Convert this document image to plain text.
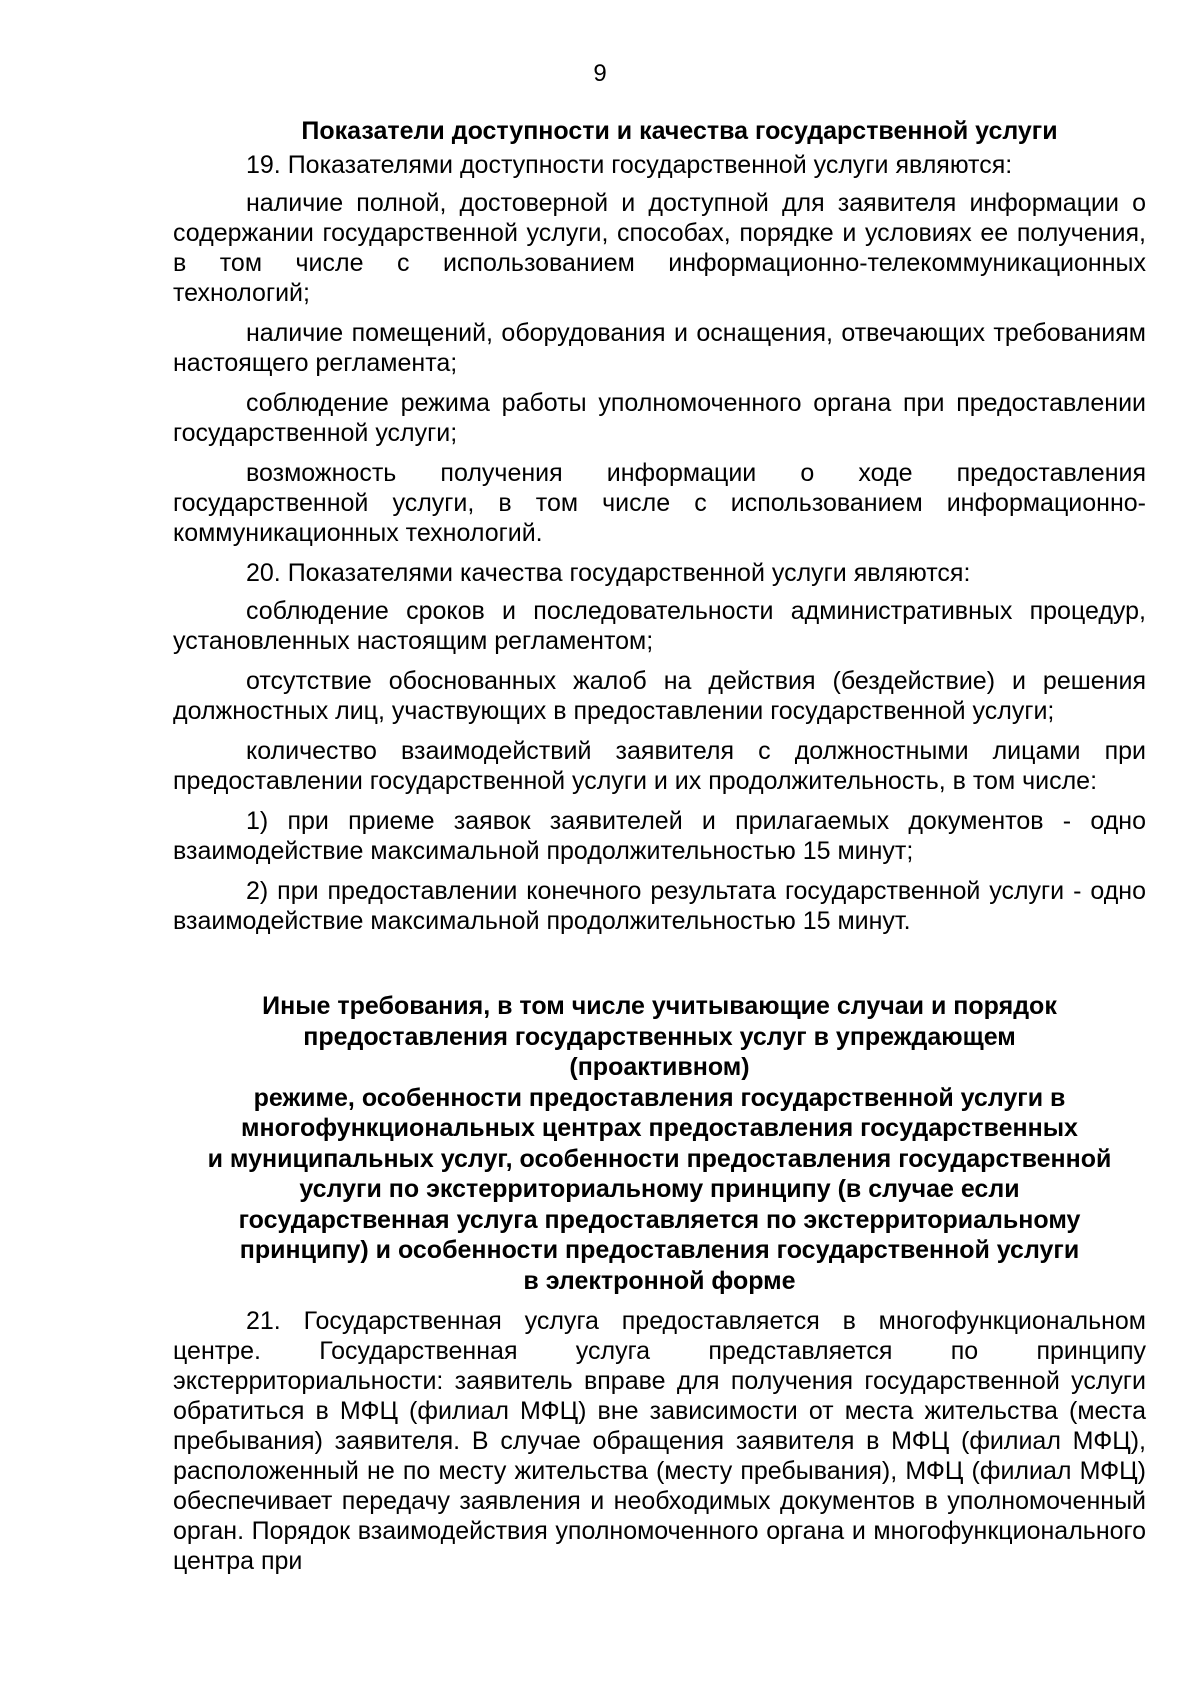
9
Показатели доступности и качества государственной услуги
19. Показателями доступности государственной услуги являются:
наличие полной, достоверной и доступной для заявителя информации о содержании государственной услуги, способах, порядке и условиях ее получения, в том числе с использованием информационно-телекоммуникационных технологий;
наличие помещений, оборудования и оснащения, отвечающих требованиям настоящего регламента;
соблюдение режима работы уполномоченного органа при предоставлении государственной услуги;
возможность получения информации о ходе предоставления государственной услуги, в том числе с использованием информационно-коммуникационных технологий.
20. Показателями качества государственной услуги являются:
соблюдение сроков и последовательности административных процедур, установленных настоящим регламентом;
отсутствие обоснованных жалоб на действия (бездействие) и решения должностных лиц, участвующих в предоставлении государственной услуги;
количество взаимодействий заявителя с должностными лицами при предоставлении государственной услуги и их продолжительность, в том числе:
1) при приеме заявок заявителей и прилагаемых документов - одно взаимодействие максимальной продолжительностью 15 минут;
2) при предоставлении конечного результата государственной услуги - одно взаимодействие максимальной продолжительностью 15 минут.
Иные требования, в том числе учитывающие случаи и порядок
предоставления государственных услуг в упреждающем
(проактивном)
режиме, особенности предоставления государственной услуги в
многофункциональных центрах предоставления государственных
и муниципальных услуг, особенности предоставления государственной
услуги по экстерриториальному принципу (в случае если
государственная услуга предоставляется по экстерриториальному
принципу) и особенности предоставления государственной услуги
в электронной форме
21. Государственная услуга предоставляется в многофункциональном центре. Государственная услуга представляется по принципу экстерриториальности: заявитель вправе для получения государственной услуги обратиться в МФЦ (филиал МФЦ) вне зависимости от места жительства (места пребывания) заявителя. В случае обращения заявителя в МФЦ (филиал МФЦ), расположенный не по месту жительства (месту пребывания), МФЦ (филиал МФЦ) обеспечивает передачу заявления и необходимых документов в уполномоченный орган. Порядок взаимодействия уполномоченного органа и многофункционального центра при
